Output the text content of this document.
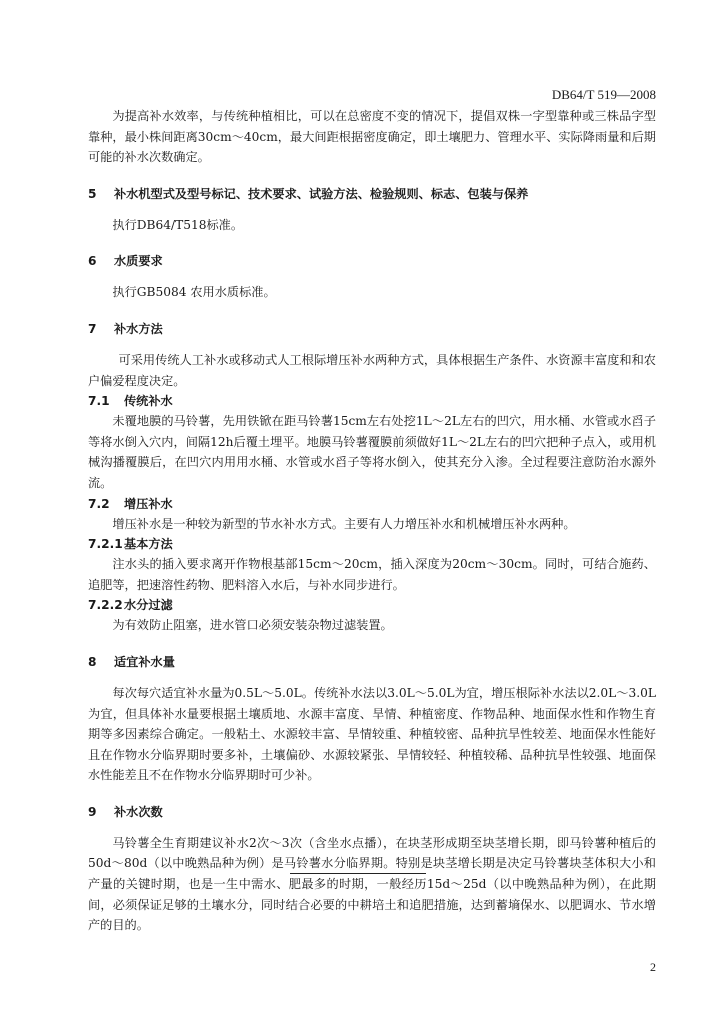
DB64/T 519—2008

为提高补水效率，与传统种植相比，可以在总密度不变的情况下，提倡双株一字型靠种或三株品字型靠种，最小株间距离30cm～40cm，最大间距根据密度确定，即土壤肥力、管理水平、实际降雨量和后期可能的补水次数确定。

5 补水机型式及型号标记、技术要求、试验方法、检验规则、标志、包装与保养

执行DB64/T518标准。

6 水质要求

执行GB5084 农用水质标准。

7 补水方法

可采用传统人工补水或移动式人工根际增压补水两种方式，具体根据生产条件、水资源丰富度和和农户偏爱程度决定。

7.1 传统补水

未覆地膜的马铃薯，先用铁锨在距马铃薯15cm左右处挖1L～2L左右的凹穴，用水桶、水管或水舀子等将水倒入穴内，间隔12h后覆土埋平。地膜马铃薯覆膜前须做好1L～2L左右的凹穴把种子点入，或用机械沟播覆膜后，在凹穴内用用水桶、水管或水舀子等将水倒入，使其充分入渗。全过程要注意防治水源外流。

7.2 增压补水

增压补水是一种较为新型的节水补水方式。主要有人力增压补水和机械增压补水两种。

7.2.1基本方法

注水头的插入要求离开作物根基部15cm～20cm，插入深度为20cm～30cm。同时，可结合施药、追肥等，把速溶性药物、肥料溶入水后，与补水同步进行。

7.2.2水分过滤

为有效防止阻塞，进水管口必须安装杂物过滤装置。

8 适宜补水量

每次每穴适宜补水量为0.5L～5.0L。传统补水法以3.0L～5.0L为宜，增压根际补水法以2.0L～3.0L为宜，但具体补水量要根据土壤质地、水源丰富度、旱情、种植密度、作物品种、地面保水性和作物生育期等多因素综合确定。一般粘土、水源较丰富、旱情较重、种植较密、品种抗旱性较差、地面保水性能好且在作物水分临界期时要多补，土壤偏砂、水源较紧张、旱情较轻、种植较稀、品种抗旱性较强、地面保水性能差且不在作物水分临界期时可少补。

9 补水次数

马铃薯全生育期建议补水2次～3次（含坐水点播），在块茎形成期至块茎增长期，即马铃薯种植后的50d～80d（以中晚熟品种为例）是马铃薯水分临界期。特别是块茎增长期是决定马铃薯块茎体积大小和产量的关键时期，也是一生中需水、肥最多的时期，一般经历15d～25d（以中晚熟品种为例），在此期间，必须保证足够的土壤水分，同时结合必要的中耕培土和追肥措施，达到蓄墒保水、以肥调水、节水增产的目的。

2
